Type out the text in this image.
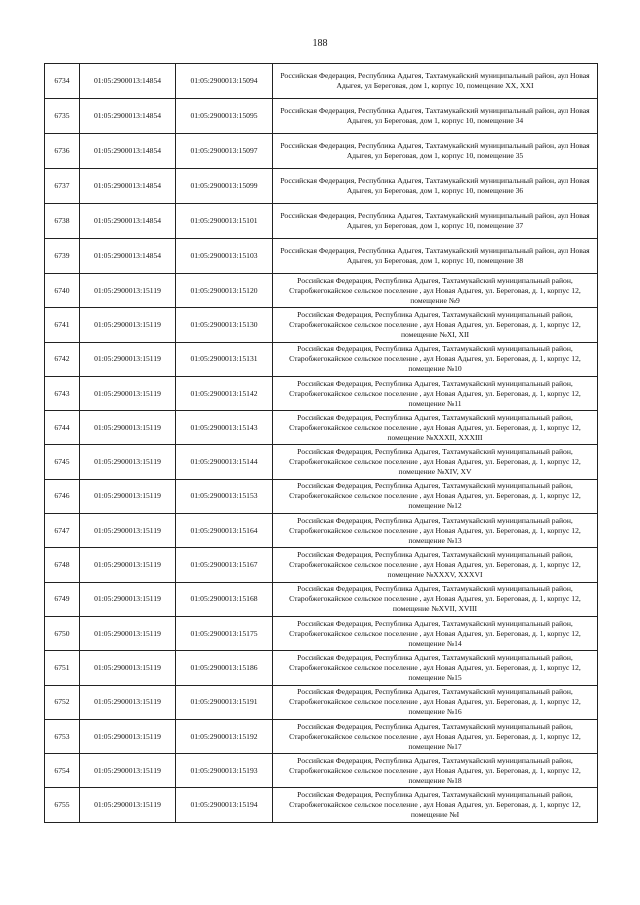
188
6734	01:05:2900013:14854	01:05:2900013:15094	Российская Федерация, Республика Адыгея, Тахтамукайский муниципальный район, аул Новая Адыгея, ул Береговая, дом 1, корпус 10, помещение XX, XXI
6735	01:05:2900013:14854	01:05:2900013:15095	Российская Федерация, Республика Адыгея, Тахтамукайский муниципальный район, аул Новая Адыгея, ул Береговая, дом 1, корпус 10, помещение 34
6736	01:05:2900013:14854	01:05:2900013:15097	Российская Федерация, Республика Адыгея, Тахтамукайский муниципальный район, аул Новая Адыгея, ул Береговая, дом 1, корпус 10, помещение 35
6737	01:05:2900013:14854	01:05:2900013:15099	Российская Федерация, Республика Адыгея, Тахтамукайский муниципальный район, аул Новая Адыгея, ул Береговая, дом 1, корпус 10, помещение 36
6738	01:05:2900013:14854	01:05:2900013:15101	Российская Федерация, Республика Адыгея, Тахтамукайский муниципальный район, аул Новая Адыгея, ул Береговая, дом 1, корпус 10, помещение 37
6739	01:05:2900013:14854	01:05:2900013:15103	Российская Федерация, Республика Адыгея, Тахтамукайский муниципальный район, аул Новая Адыгея, ул Береговая, дом 1, корпус 10, помещение 38
6740	01:05:2900013:15119	01:05:2900013:15120	Российская Федерация, Республика Адыгея, Тахтамукайский муниципальный район, Старобжегокайское сельское поселение , аул Новая Адыгея, ул. Береговая, д. 1, корпус 12, помещение №9
6741	01:05:2900013:15119	01:05:2900013:15130	Российская Федерация, Республика Адыгея, Тахтамукайский муниципальный район, Старобжегокайское сельское поселение , аул Новая Адыгея, ул. Береговая, д. 1, корпус 12, помещение №XI, XII
6742	01:05:2900013:15119	01:05:2900013:15131	Российская Федерация, Республика Адыгея, Тахтамукайский муниципальный район, Старобжегокайское сельское поселение , аул Новая Адыгея, ул. Береговая, д. 1, корпус 12, помещение №10
6743	01:05:2900013:15119	01:05:2900013:15142	Российская Федерация, Республика Адыгея, Тахтамукайский муниципальный район, Старобжегокайское сельское поселение , аул Новая Адыгея, ул. Береговая, д. 1, корпус 12, помещение №11
6744	01:05:2900013:15119	01:05:2900013:15143	Российская Федерация, Республика Адыгея, Тахтамукайский муниципальный район, Старобжегокайское сельское поселение , аул Новая Адыгея, ул. Береговая, д. 1, корпус 12, помещение №XXXII, XXXIII
6745	01:05:2900013:15119	01:05:2900013:15144	Российская Федерация, Республика Адыгея, Тахтамукайский муниципальный район, Старобжегокайское сельское поселение , аул Новая Адыгея, ул. Береговая, д. 1, корпус 12, помещение №XIV, XV
6746	01:05:2900013:15119	01:05:2900013:15153	Российская Федерация, Республика Адыгея, Тахтамукайский муниципальный район, Старобжегокайское сельское поселение , аул Новая Адыгея, ул. Береговая, д. 1, корпус 12, помещение №12
6747	01:05:2900013:15119	01:05:2900013:15164	Российская Федерация, Республика Адыгея, Тахтамукайский муниципальный район, Старобжегокайское сельское поселение , аул Новая Адыгея, ул. Береговая, д. 1, корпус 12, помещение №13
6748	01:05:2900013:15119	01:05:2900013:15167	Российская Федерация, Республика Адыгея, Тахтамукайский муниципальный район, Старобжегокайское сельское поселение , аул Новая Адыгея, ул. Береговая, д. 1, корпус 12, помещение №XXXV, XXXVI
6749	01:05:2900013:15119	01:05:2900013:15168	Российская Федерация, Республика Адыгея, Тахтамукайский муниципальный район, Старобжегокайское сельское поселение , аул Новая Адыгея, ул. Береговая, д. 1, корпус 12, помещение №XVII, XVIII
6750	01:05:2900013:15119	01:05:2900013:15175	Российская Федерация, Республика Адыгея, Тахтамукайский муниципальный район, Старобжегокайское сельское поселение , аул Новая Адыгея, ул. Береговая, д. 1, корпус 12, помещение №14
6751	01:05:2900013:15119	01:05:2900013:15186	Российская Федерация, Республика Адыгея, Тахтамукайский муниципальный район, Старобжегокайское сельское поселение , аул Новая Адыгея, ул. Береговая, д. 1, корпус 12, помещение №15
6752	01:05:2900013:15119	01:05:2900013:15191	Российская Федерация, Республика Адыгея, Тахтамукайский муниципальный район, Старобжегокайское сельское поселение , аул Новая Адыгея, ул. Береговая, д. 1, корпус 12, помещение №16
6753	01:05:2900013:15119	01:05:2900013:15192	Российская Федерация, Республика Адыгея, Тахтамукайский муниципальный район, Старобжегокайское сельское поселение , аул Новая Адыгея, ул. Береговая, д. 1, корпус 12, помещение №17
6754	01:05:2900013:15119	01:05:2900013:15193	Российская Федерация, Республика Адыгея, Тахтамукайский муниципальный район, Старобжегокайское сельское поселение , аул Новая Адыгея, ул. Береговая, д. 1, корпус 12, помещение №18
6755	01:05:2900013:15119	01:05:2900013:15194	Российская Федерация, Республика Адыгея, Тахтамукайский муниципальный район, Старобжегокайское сельское поселение , аул Новая Адыгея, ул. Береговая, д. 1, корпус 12, помещение №I
